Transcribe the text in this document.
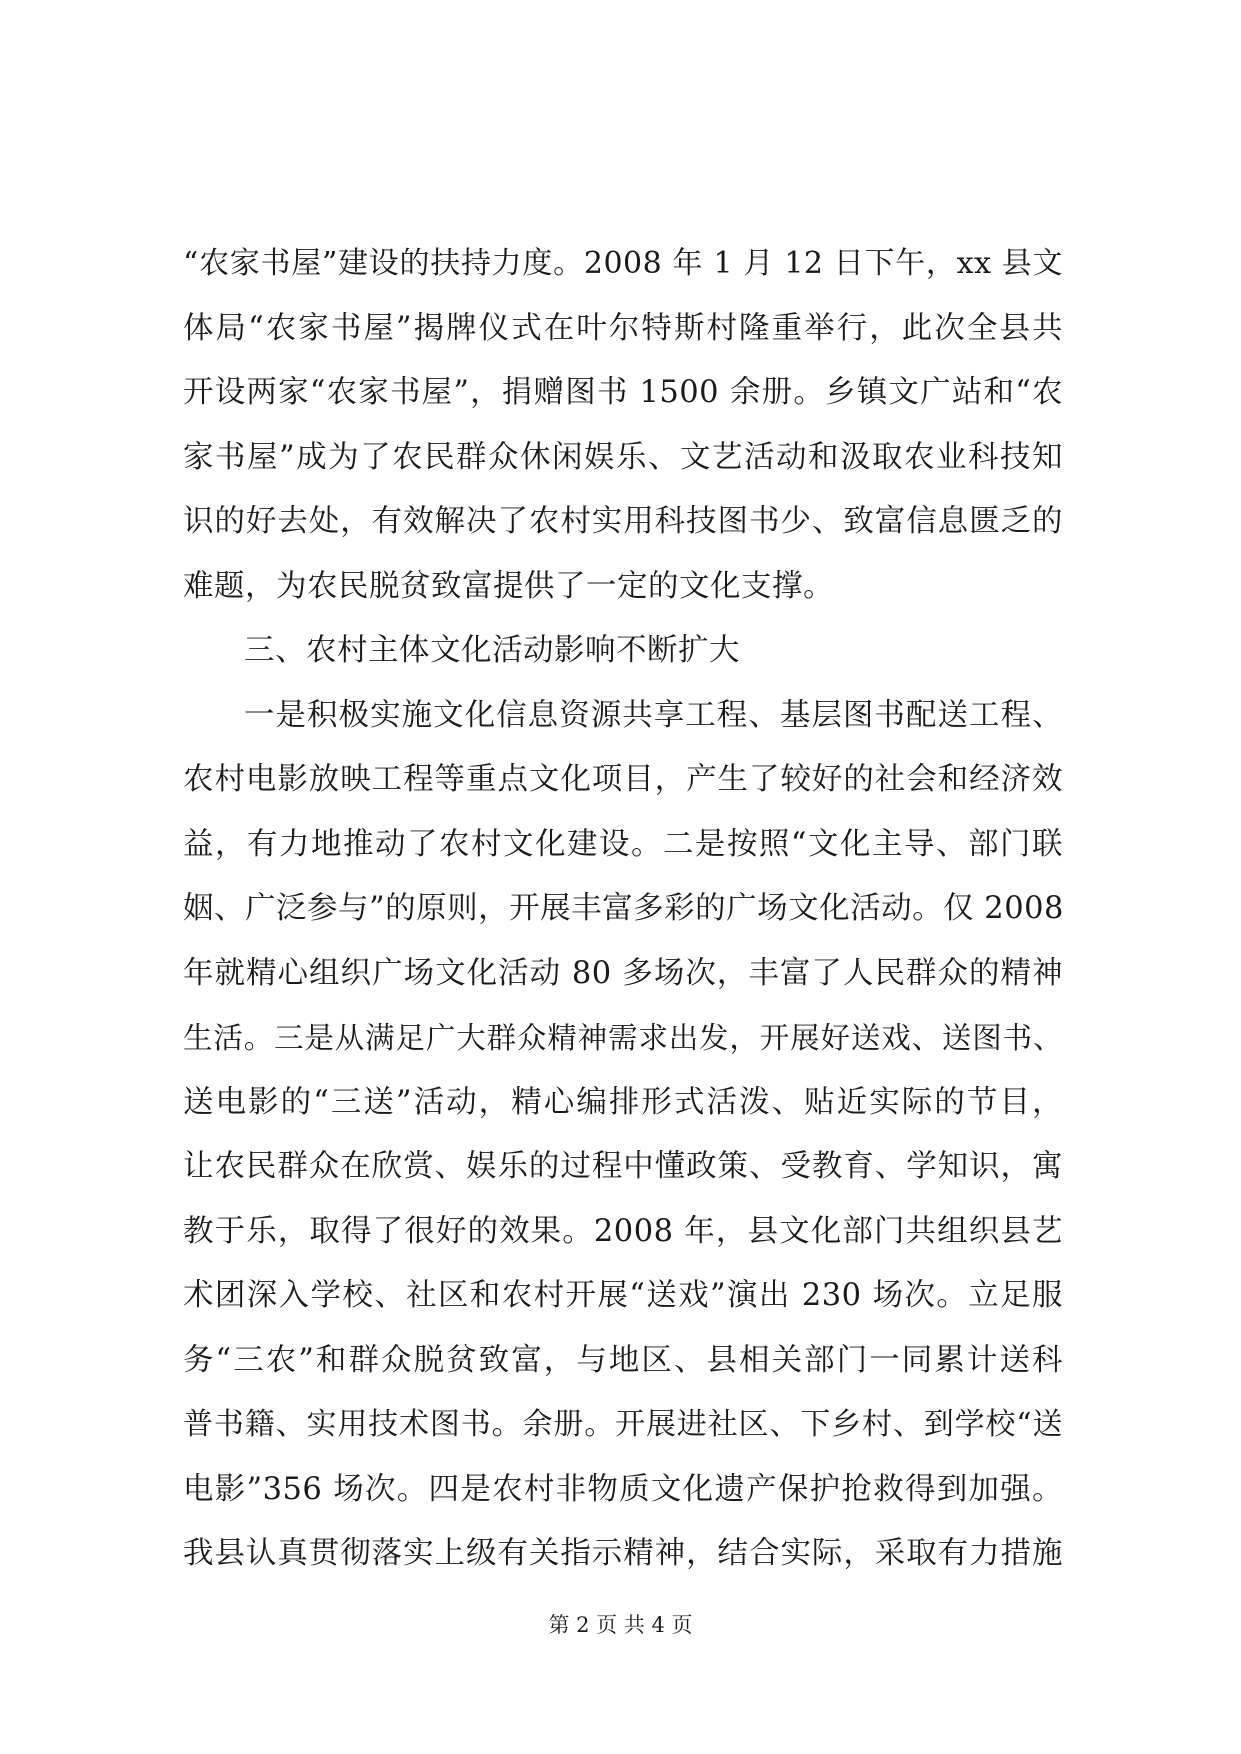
“农家书屋”建设的扶持力度。2008 年 1 月 12 日下午，xx 县文
体局“农家书屋”揭牌仪式在叶尔特斯村隆重举行，此次全县共
开设两家“农家书屋”，捐赠图书 1500 余册。乡镇文广站和“农
家书屋”成为了农民群众休闲娱乐、文艺活动和汲取农业科技知
识的好去处，有效解决了农村实用科技图书少、致富信息匮乏的
难题，为农民脱贫致富提供了一定的文化支撑。
三、农村主体文化活动影响不断扩大
一是积极实施文化信息资源共享工程、基层图书配送工程、
农村电影放映工程等重点文化项目，产生了较好的社会和经济效
益，有力地推动了农村文化建设。二是按照“文化主导、部门联
姻、广泛参与”的原则，开展丰富多彩的广场文化活动。仅 2008
年就精心组织广场文化活动 80 多场次，丰富了人民群众的精神
生活。三是从满足广大群众精神需求出发，开展好送戏、送图书、
送电影的“三送”活动，精心编排形式活泼、贴近实际的节目，
让农民群众在欣赏、娱乐的过程中懂政策、受教育、学知识，寓
教于乐，取得了很好的效果。2008 年，县文化部门共组织县艺
术团深入学校、社区和农村开展“送戏”演出 230 场次。立足服
务“三农”和群众脱贫致富，与地区、县相关部门一同累计送科
普书籍、实用技术图书。余册。开展进社区、下乡村、到学校“送
电影”356 场次。四是农村非物质文化遗产保护抢救得到加强。
我县认真贯彻落实上级有关指示精神，结合实际，采取有力措施
第 2 页 共 4 页
